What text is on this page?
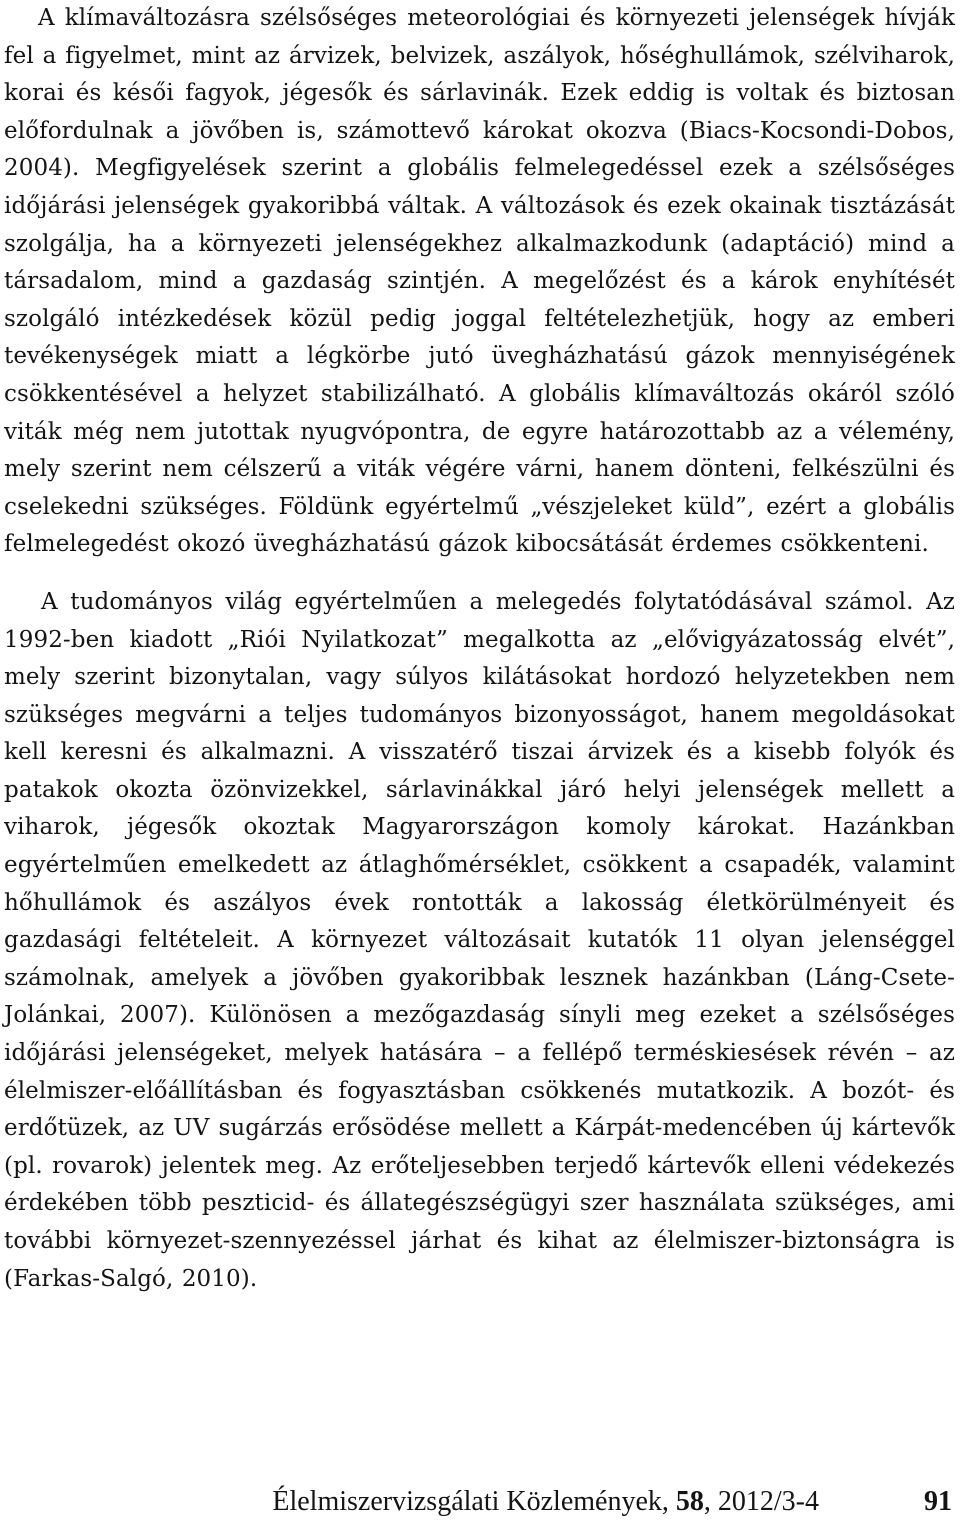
A klímaváltozásra szélsőséges meteorológiai és környezeti jelenségek hívják fel a figyelmet, mint az árvizek, belvizek, aszályok, hőséghullámok, szélviharok, korai és késői fagyok, jégesők és sárlavinák. Ezek eddig is voltak és biztosan előfordulnak a jövőben is, számottevő károkat okozva (Biacs-Kocsondi-Dobos, 2004). Megfigyelések szerint a globális felmelegedéssel ezek a szélsőséges időjárási jelenségek gyakoribbá váltak. A változások és ezek okainak tisztázását szolgálja, ha a környezeti jelenségekhez alkalmazkodunk (adaptáció) mind a társadalom, mind a gazdaság szintjén. A megelőzést és a károk enyhítését szolgáló intézkedések közül pedig joggal feltételezhetjük, hogy az emberi tevékenységek miatt a légkörbe jutó üvegházhatású gázok mennyiségének csökkentésével a helyzet stabilizálható. A globális klímaváltozás okáról szóló viták még nem jutottak nyugvópontra, de egyre határozottabb az a vélemény, mely szerint nem célszerű a viták végére várni, hanem dönteni, felkészülni és cselekedni szükséges. Földünk egyértelmű „vészjeleket küld”, ezért a globális felmelegedést okozó üvegházhatású gázok kibocsátását érdemes csökkenteni.

A tudományos világ egyértelműen a melegedés folytatódásával számol. Az 1992-ben kiadott „Riói Nyilatkozat” megalkotta az „elővigyázatosság elvét”, mely szerint bizonytalan, vagy súlyos kilátásokat hordozó helyzetekben nem szükséges megvárni a teljes tudományos bizonyosságot, hanem megoldásokat kell keresni és alkalmazni. A visszatérő tiszai árvizek és a kisebb folyók és patakok okozta özönvizekkel, sárlavinákkal járó helyi jelenségek mellett a viharok, jégesők okoztak Magyarországon komoly károkat. Hazánkban egyértelműen emelkedett az átlaghőmérséklet, csökkent a csapadék, valamint hőhullámok és aszályos évek rontották a lakosság életkörülményeit és gazdasági feltételeit. A környezet változásait kutatók 11 olyan jelenséggel számolnak, amelyek a jövőben gyakoribbak lesznek hazánkban (Láng-Csete-Jolánkai, 2007). Különösen a mezőgazdaság sínyli meg ezeket a szélsőséges időjárási jelenségeket, melyek hatására – a fellépő terméskiesések révén – az élelmiszer-előállításban és fogyasztásban csökkenés mutatkozik. A bozót- és erdőtüzek, az UV sugárzás erősödése mellett a Kárpát-medencében új kártevők (pl. rovarok) jelentek meg. Az erőteljesebben terjedő kártevők elleni védekezés érdekében több peszticid- és állategészségügyi szer használata szükséges, ami további környezet-szennyezéssel járhat és kihat az élelmiszer-biztonságra is (Farkas-Salgó, 2010).

Élelmiszervizsgálati Közlemények, 58, 2012/3-4	91
